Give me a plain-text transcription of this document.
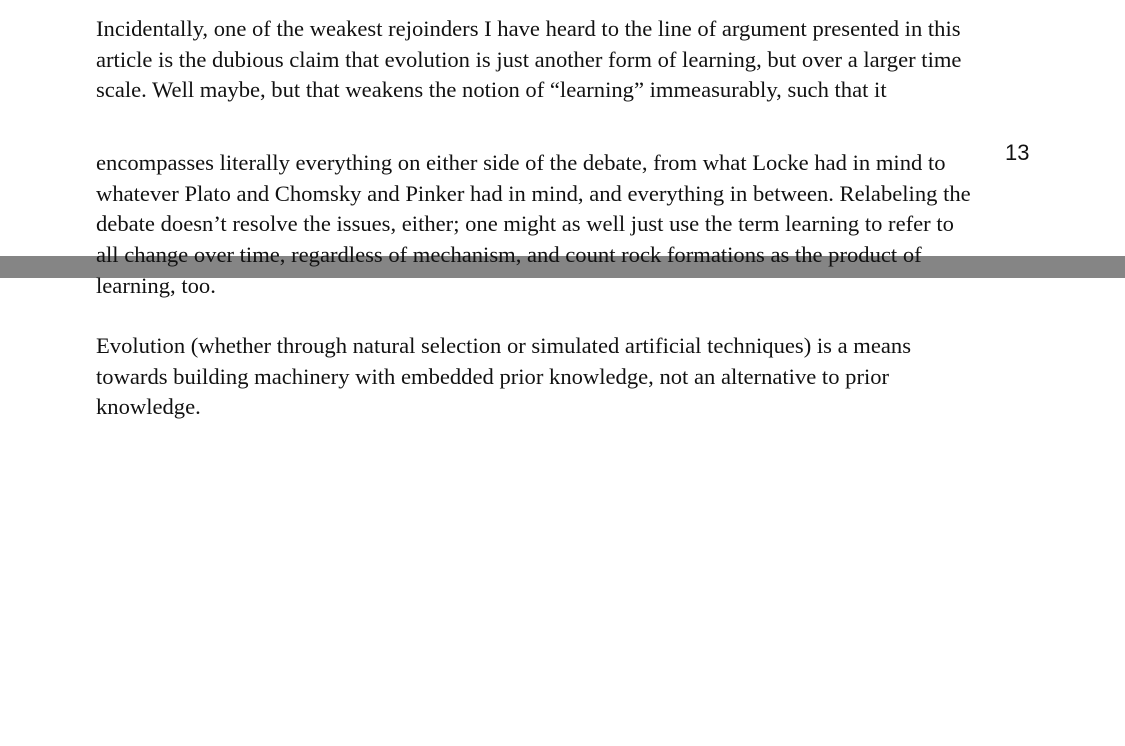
Incidentally, one of the weakest rejoinders I have heard to the line of argument presented in this
article is the dubious claim that evolution is just another form of learning, but over a larger time
scale. Well maybe, but that weakens the notion of “learning” immeasurably, such that it

13

encompasses literally everything on either side of the debate, from what Locke had in mind to
whatever Plato and Chomsky and Pinker had in mind, and everything in between. Relabeling the
debate doesn’t resolve the issues, either; one might as well just use the term learning to refer to
all change over time, regardless of mechanism, and count rock formations as the product of
learning, too.

Evolution (whether through natural selection or simulated artificial techniques) is a means
towards building machinery with embedded prior knowledge, not an alternative to prior
knowledge.
